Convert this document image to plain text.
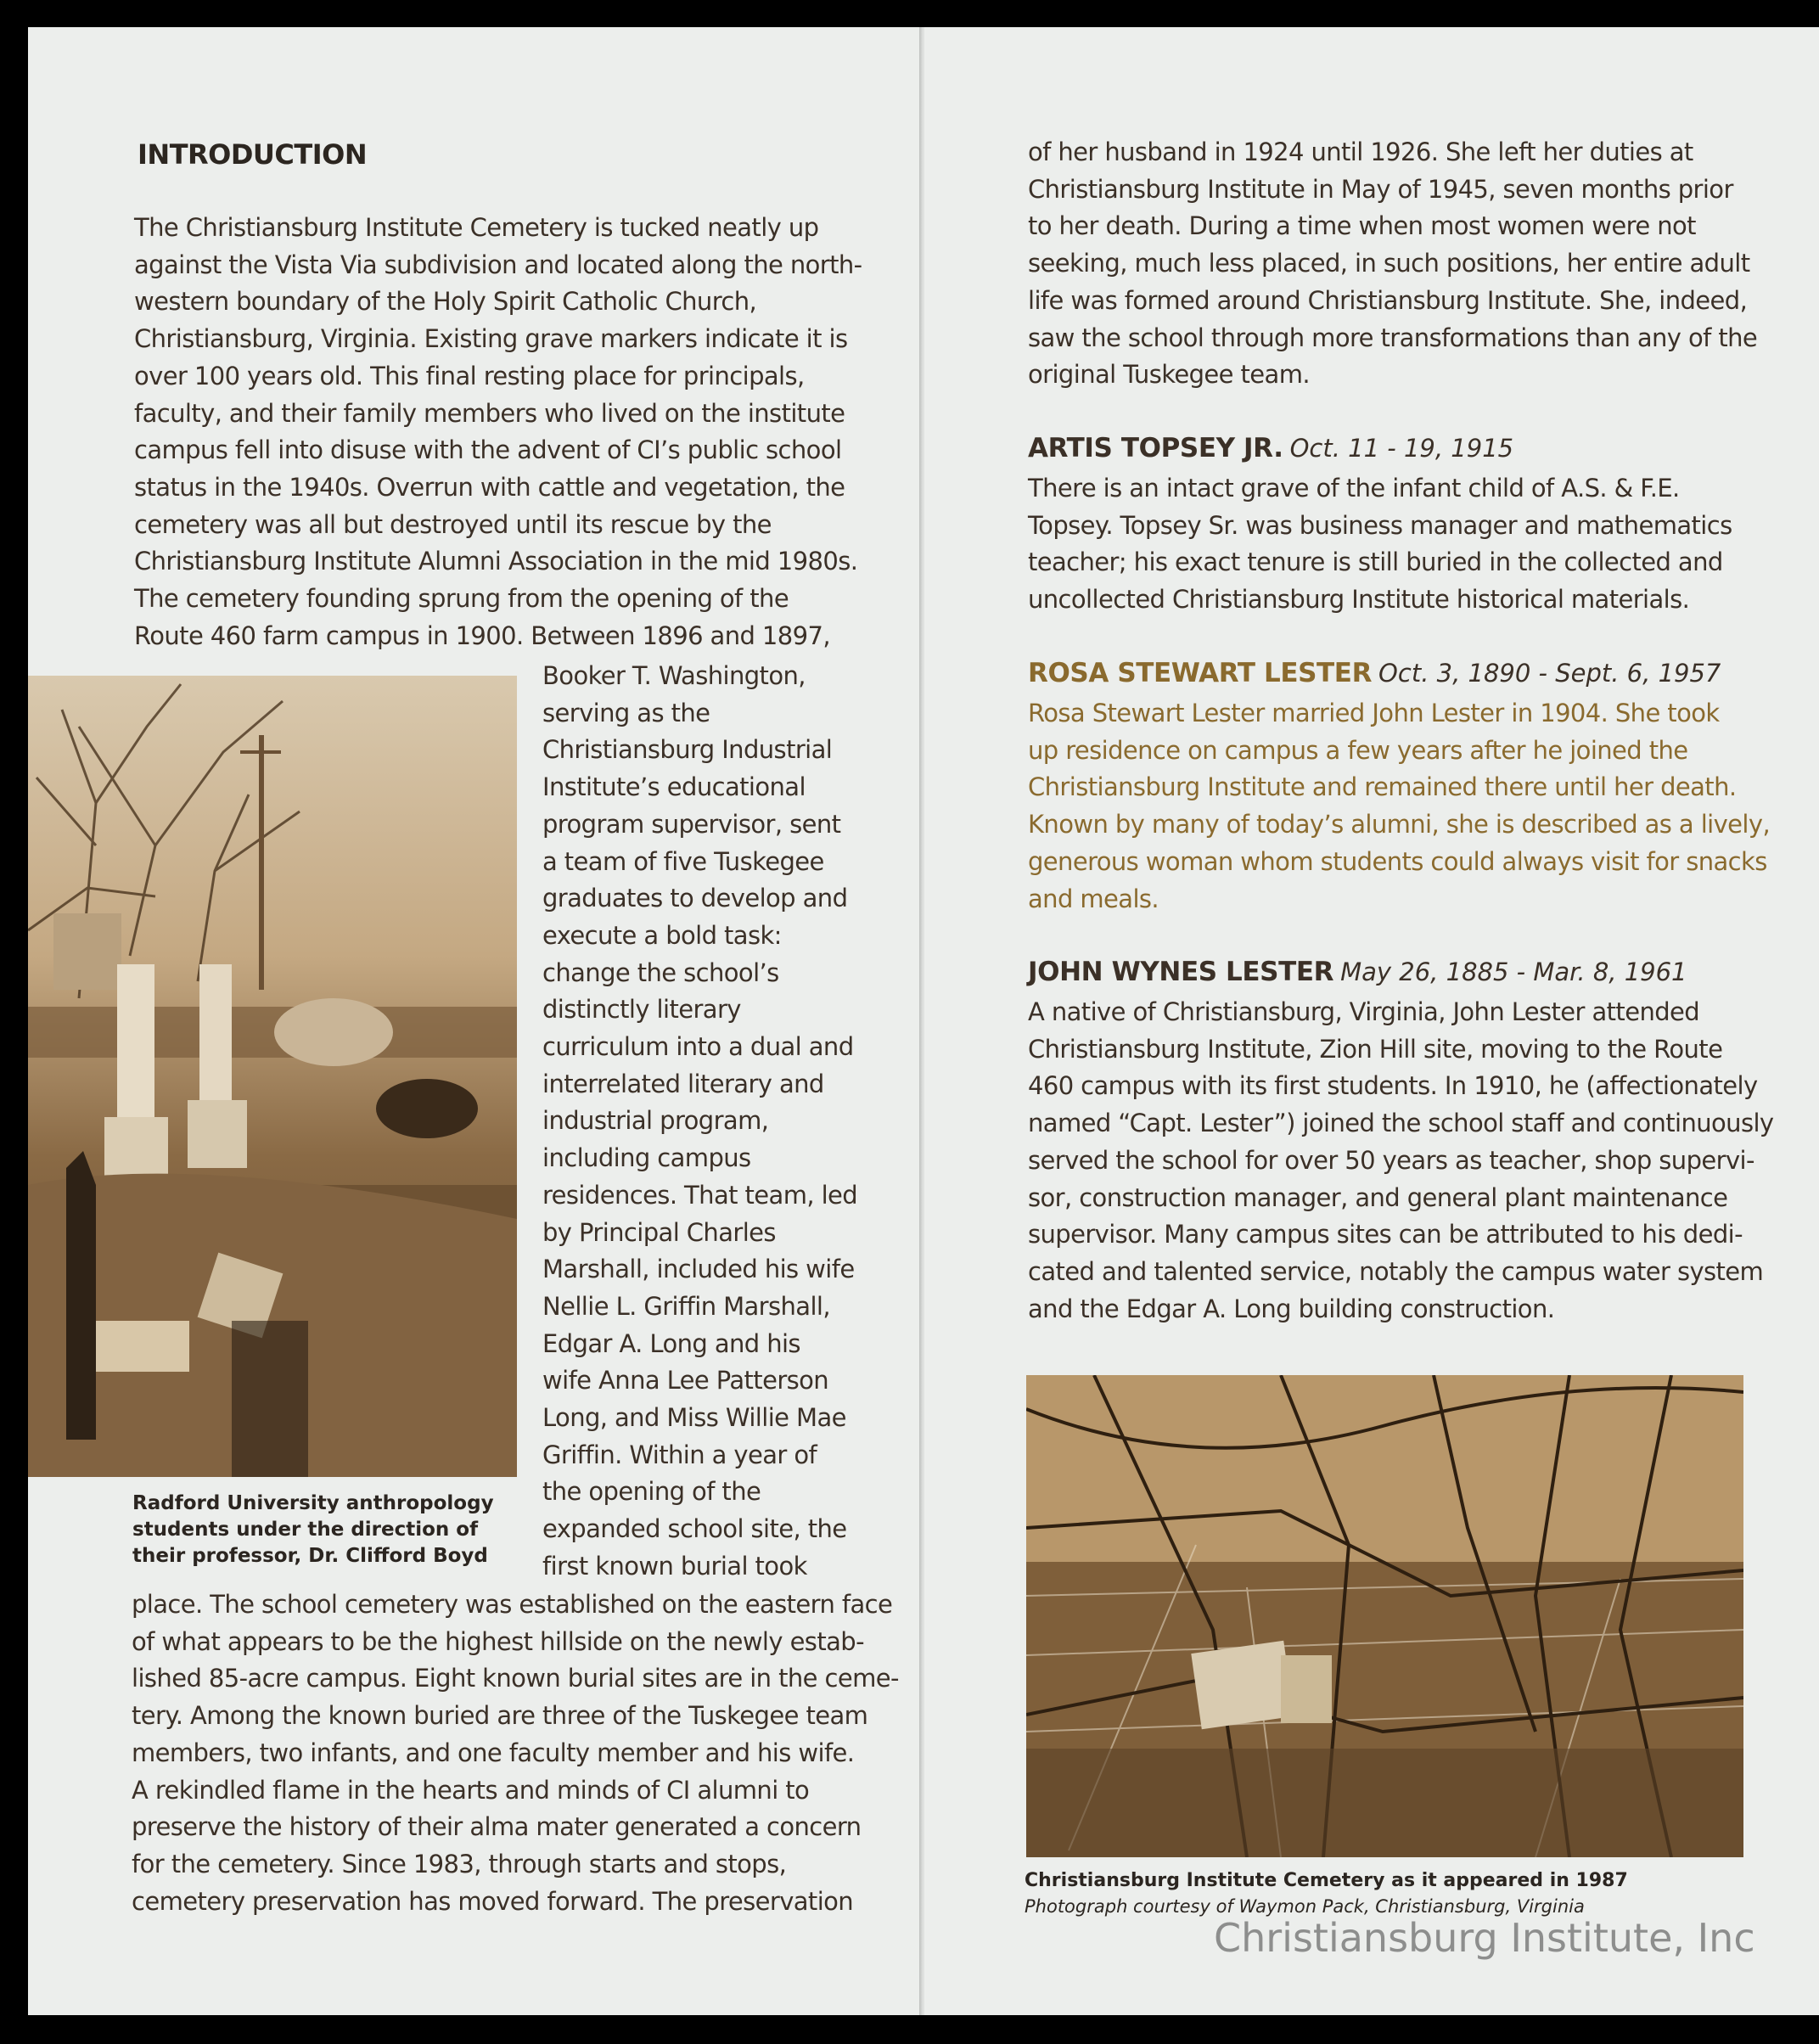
INTRODUCTION
The Christiansburg Institute Cemetery is tucked neatly up
against the Vista Via subdivision and located along the north-
western boundary of the Holy Spirit Catholic Church,
Christiansburg, Virginia. Existing grave markers indicate it is
over 100 years old. This final resting place for principals,
faculty, and their family members who lived on the institute
campus fell into disuse with the advent of CI’s public school
status in the 1940s. Overrun with cattle and vegetation, the
cemetery was all but destroyed until its rescue by the
Christiansburg Institute Alumni Association in the mid 1980s.
The cemetery founding sprung from the opening of the
Route 460 farm campus in 1900. Between 1896 and 1897,
Radford University anthropology
students under the direction of
their professor, Dr. Clifford Boyd
Booker T. Washington,
serving as the
Christiansburg Industrial
Institute’s educational
program supervisor, sent
a team of five Tuskegee
graduates to develop and
execute a bold task:
change the school’s
distinctly literary
curriculum into a dual and
interrelated literary and
industrial program,
including campus
residences. That team, led
by Principal Charles
Marshall, included his wife
Nellie L. Griffin Marshall,
Edgar A. Long and his
wife Anna Lee Patterson
Long, and Miss Willie Mae
Griffin. Within a year of
the opening of the
expanded school site, the
first known burial took
place. The school cemetery was established on the eastern face
of what appears to be the highest hillside on the newly estab-
lished 85-acre campus. Eight known burial sites are in the ceme-
tery. Among the known buried are three of the Tuskegee team
members, two infants, and one faculty member and his wife.
A rekindled flame in the hearts and minds of CI alumni to
preserve the history of their alma mater generated a concern
for the cemetery. Since 1983, through starts and stops,
cemetery preservation has moved forward. The preservation
of her husband in 1924 until 1926. She left her duties at
Christiansburg Institute in May of 1945, seven months prior
to her death. During a time when most women were not
seeking, much less placed, in such positions, her entire adult
life was formed around Christiansburg Institute. She, indeed,
saw the school through more transformations than any of the
original Tuskegee team.
ARTIS TOPSEY JR. Oct. 11 - 19, 1915
There is an intact grave of the infant child of A.S. & F.E.
Topsey. Topsey Sr. was business manager and mathematics
teacher; his exact tenure is still buried in the collected and
uncollected Christiansburg Institute historical materials.
ROSA STEWART LESTER Oct. 3, 1890 - Sept. 6, 1957
Rosa Stewart Lester married John Lester in 1904. She took
up residence on campus a few years after he joined the
Christiansburg Institute and remained there until her death.
Known by many of today’s alumni, she is described as a lively,
generous woman whom students could always visit for snacks
and meals.
JOHN WYNES LESTER May 26, 1885 - Mar. 8, 1961
A native of Christiansburg, Virginia, John Lester attended
Christiansburg Institute, Zion Hill site, moving to the Route
460 campus with its first students. In 1910, he (affectionately
named “Capt. Lester”) joined the school staff and continuously
served the school for over 50 years as teacher, shop supervi-
sor, construction manager, and general plant maintenance
supervisor. Many campus sites can be attributed to his dedi-
cated and talented service, notably the campus water system
and the Edgar A. Long building construction.
Christiansburg Institute Cemetery as it appeared in 1987
Photograph courtesy of Waymon Pack, Christiansburg, Virginia
Christiansburg Institute, Inc
